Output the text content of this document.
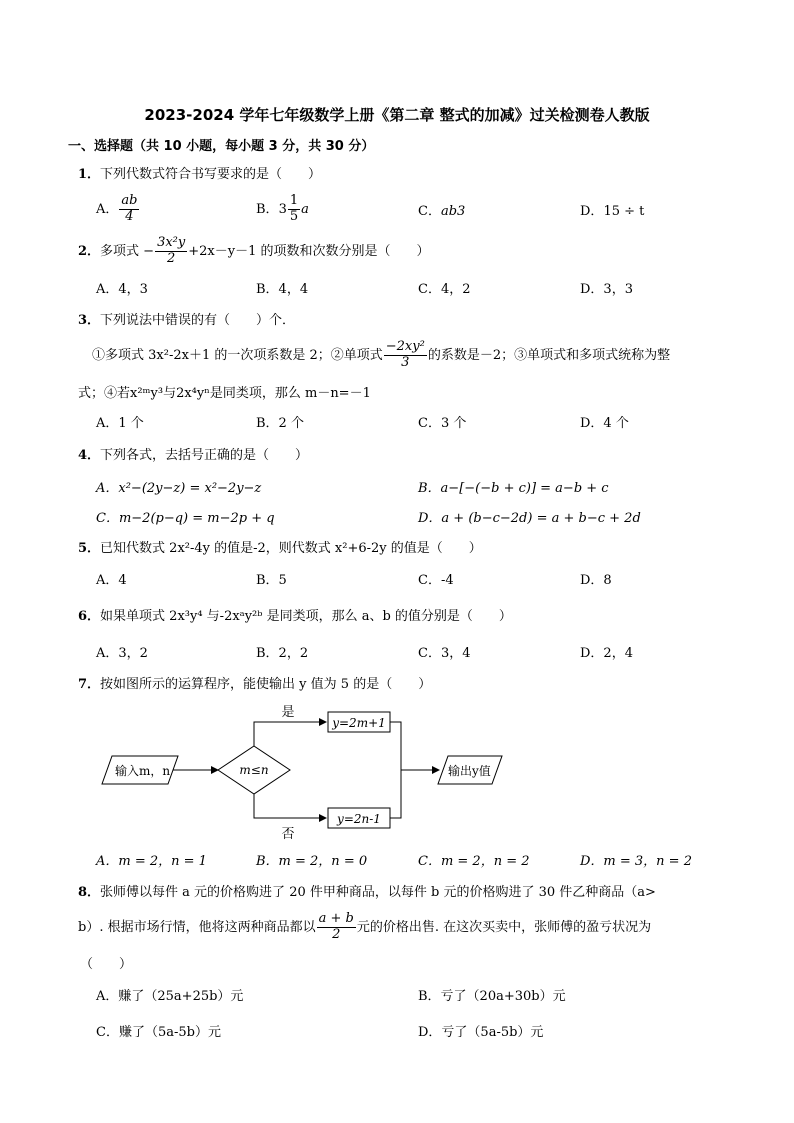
2023-2024 学年七年级数学上册《第二章 整式的加减》过关检测卷人教版
一、选择题（共 10 小题，每小题 3 分，共 30 分）
1．下列代数式符合书写要求的是（　　）
A． $\frac{ab}{4}$	B．$3 \frac{1}{5}$ a	C．ab3	D．15 ÷ t
2．多项式 − $\frac{\text{3x²y}}{2} +2x-y-1$ 的项数和次数分别是（　　）
A．4，3	B．4，4	C．4，2	D．3，3
3．下列说法中错误的有（　　）个．
①多项式 3x²-2x＋1 的一次项系数是 2；②单项式 $\frac{\text{−2xy²}}{3}$ 的系数是－2；③单项式和多项式统称为整
式；④若x²ᵐy³与2x⁴yⁿ是同类项，那么 m－n=－1
A．1 个	B．2 个	C．3 个	D．4 个
4．下列各式，去括号正确的是（　　）
A．x²−(2y−z) = x²−2y−z	B．a−[−(−b + c)] = a−b + c
C．m−2(p−q) = m−2p + q	D．a + (b−c−2d) = a + b−c + 2d
5．已知代数式 2x²-4y 的值是-2，则代数式 x²+6-2y 的值是（　　）
A．4	B．5	C．-4	D．8
6．如果单项式 2x³y⁴ 与-2xᵃy²ᵇ 是同类项，那么 a、b 的值分别是（　　）
A．3，2	B．2，2	C．3，4	D．2，4
7．按如图所示的运算程序，能使输出 y 值为 5 的是（　　）
输入m，n	m≤n
是
y=2m+1
否
y=2n-1
输出y值
A．m = 2，n = 1	B．m = 2，n = 0	C．m = 2，n = 2	D．m = 3，n = 2
8．张师傅以每件 a 元的价格购进了 20 件甲种商品，以每件 b 元的价格购进了 30 件乙种商品（a>
b）. 根据市场行情，他将这两种商品都以 $\frac{a + b}{2}$ 元的价格出售. 在这次买卖中，张师傅的盈亏状况为
（　　）
A．赚了（25a+25b）元	B．亏了（20a+30b）元
C．赚了（5a-5b）元	D．亏了（5a-5b）元
